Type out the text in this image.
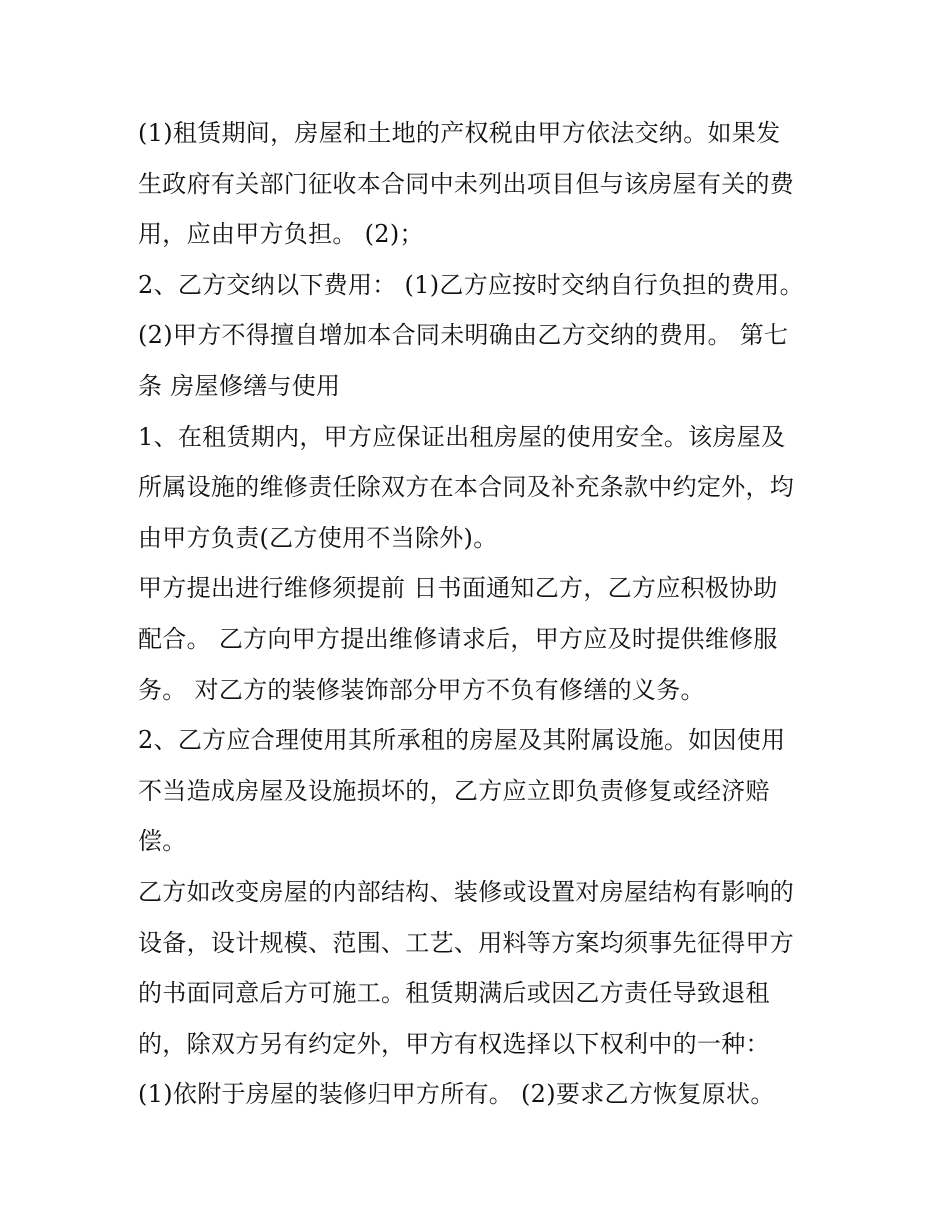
(1)租赁期间，房屋和土地的产权税由甲方依法交纳。如果发

生政府有关部门征收本合同中未列出项目但与该房屋有关的费

用，应由甲方负担。 (2)；

2、乙方交纳以下费用： (1)乙方应按时交纳自行负担的费用。

(2)甲方不得擅自增加本合同未明确由乙方交纳的费用。 第七

条 房屋修缮与使用

1、在租赁期内，甲方应保证出租房屋的使用安全。该房屋及

所属设施的维修责任除双方在本合同及补充条款中约定外，均

由甲方负责(乙方使用不当除外)。

甲方提出进行维修须提前 日书面通知乙方，乙方应积极协助

配合。 乙方向甲方提出维修请求后，甲方应及时提供维修服

务。 对乙方的装修装饰部分甲方不负有修缮的义务。

2、乙方应合理使用其所承租的房屋及其附属设施。如因使用

不当造成房屋及设施损坏的，乙方应立即负责修复或经济赔

偿。

乙方如改变房屋的内部结构、装修或设置对房屋结构有影响的

设备，设计规模、范围、工艺、用料等方案均须事先征得甲方

的书面同意后方可施工。租赁期满后或因乙方责任导致退租

的，除双方另有约定外，甲方有权选择以下权利中的一种：

(1)依附于房屋的装修归甲方所有。 (2)要求乙方恢复原状。
